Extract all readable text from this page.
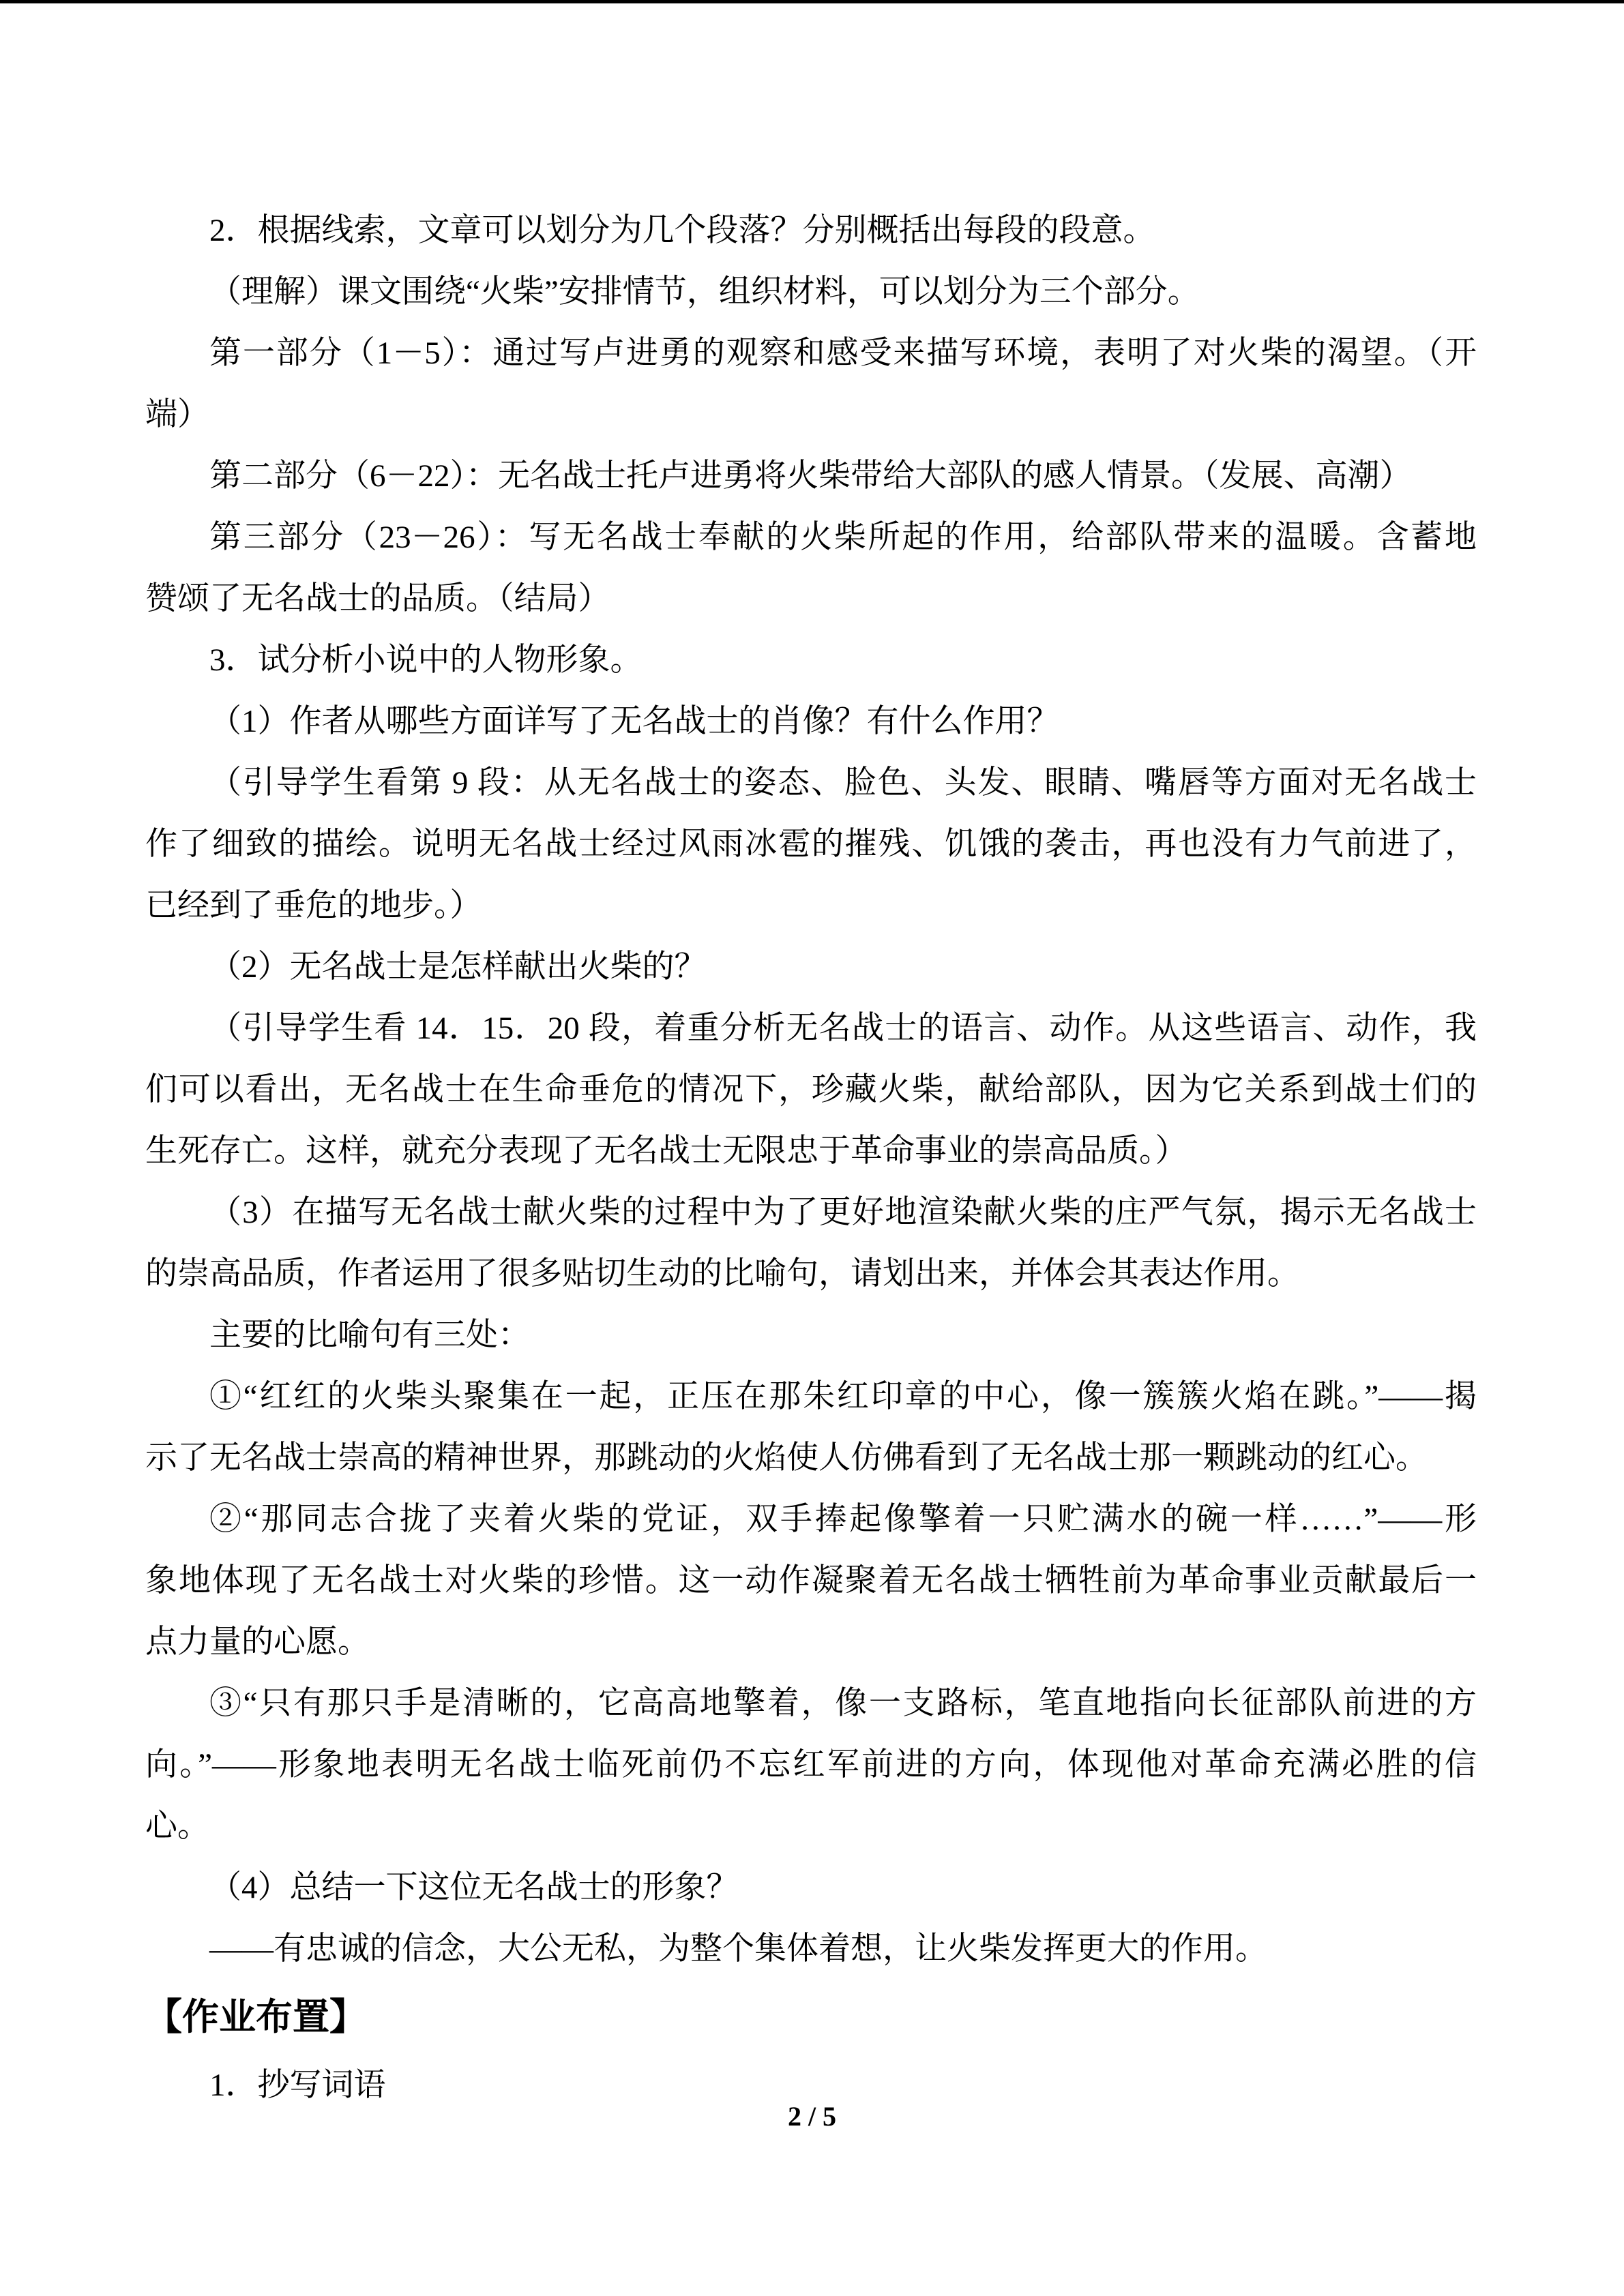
2．根据线索，文章可以划分为几个段落？分别概括出每段的段意。
（理解）课文围绕“火柴”安排情节，组织材料，可以划分为三个部分。
第一部分（1－5）：通过写卢进勇的观察和感受来描写环境，表明了对火柴的渴望。（开
端）
第二部分（6－22）：无名战士托卢进勇将火柴带给大部队的感人情景。（发展、高潮）
第三部分（23－26）：写无名战士奉献的火柴所起的作用，给部队带来的温暖。含蓄地
赞颂了无名战士的品质。（结局）
3．试分析小说中的人物形象。
（1）作者从哪些方面详写了无名战士的肖像？有什么作用？
（引导学生看第 9 段：从无名战士的姿态、脸色、头发、眼睛、嘴唇等方面对无名战士
作了细致的描绘。说明无名战士经过风雨冰雹的摧残、饥饿的袭击，再也没有力气前进了，
已经到了垂危的地步。）
（2）无名战士是怎样献出火柴的？
（引导学生看 14．15．20 段，着重分析无名战士的语言、动作。从这些语言、动作，我
们可以看出，无名战士在生命垂危的情况下，珍藏火柴，献给部队，因为它关系到战士们的
生死存亡。这样，就充分表现了无名战士无限忠于革命事业的崇高品质。）
（3）在描写无名战士献火柴的过程中为了更好地渲染献火柴的庄严气氛，揭示无名战士
的崇高品质，作者运用了很多贴切生动的比喻句，请划出来，并体会其表达作用。
主要的比喻句有三处：
①“红红的火柴头聚集在一起，正压在那朱红印章的中心，像一簇簇火焰在跳。”——揭
示了无名战士崇高的精神世界，那跳动的火焰使人仿佛看到了无名战士那一颗跳动的红心。
②“那同志合拢了夹着火柴的党证，双手捧起像擎着一只贮满水的碗一样……”——形
象地体现了无名战士对火柴的珍惜。这一动作凝聚着无名战士牺牲前为革命事业贡献最后一
点力量的心愿。
③“只有那只手是清晰的，它高高地擎着，像一支路标，笔直地指向长征部队前进的方
向。”——形象地表明无名战士临死前仍不忘红军前进的方向，体现他对革命充满必胜的信
心。
（4）总结一下这位无名战士的形象？
——有忠诚的信念，大公无私，为整个集体着想，让火柴发挥更大的作用。
【作业布置】
1．抄写词语
2 / 5
